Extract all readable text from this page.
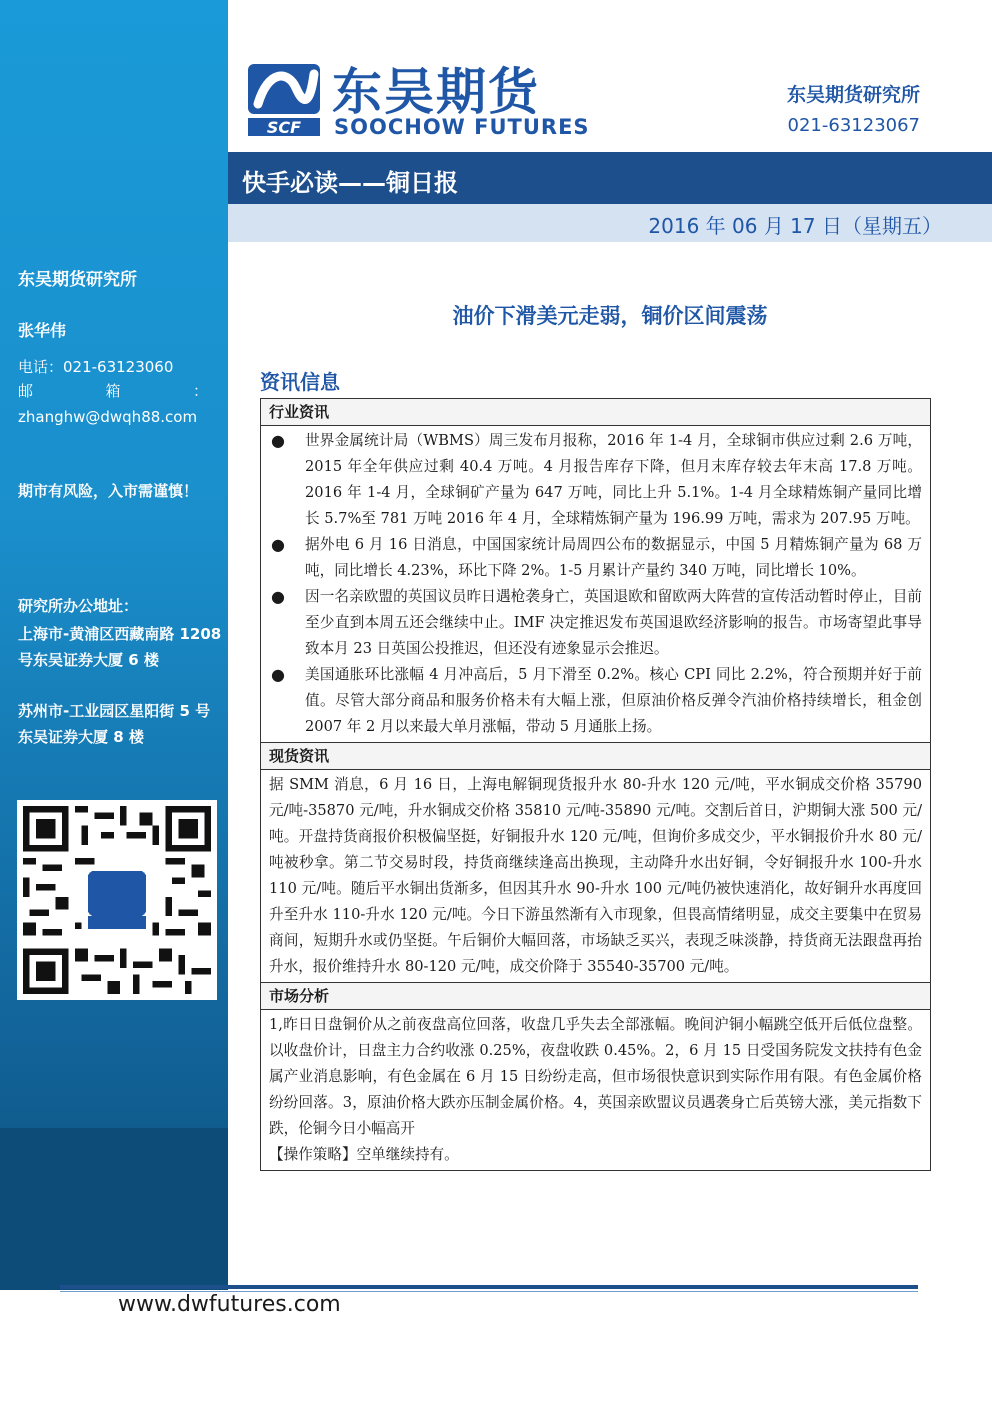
东吴期货研究所
张华伟
电话：021-63123060
邮	箱	：
zhanghw@dwqh88.com
期市有风险，入市需谨慎！
研究所办公地址：
上海市-黄浦区西藏南路 1208 号东吴证券大厦 6 楼
苏州市-工业园区星阳街 5 号东吴证券大厦 8 楼
SCF
东吴期货
SOOCHOW FUTURES
东吴期货研究所
021-63123067
快手必读——铜日报
2016 年 06 月 17 日（星期五）
油价下滑美元走弱，铜价区间震荡
资讯信息
行业资讯
●	世界金属统计局（WBMS）周三发布月报称，2016 年 1-4 月，全球铜市供应过剩 2.6 万吨，2015 年全年供应过剩 40.4 万吨。4 月报告库存下降，但月末库存较去年末高 17.8 万吨。2016 年 1-4 月，全球铜矿产量为 647 万吨，同比上升 5.1%。1-4 月全球精炼铜产量同比增长 5.7%至 781 万吨 2016 年 4 月，全球精炼铜产量为 196.99 万吨，需求为 207.95 万吨。
●	据外电 6 月 16 日消息，中国国家统计局周四公布的数据显示，中国 5 月精炼铜产量为 68 万吨，同比增长 4.23%，环比下降 2%。1-5 月累计产量约 340 万吨，同比增长 10%。
●	因一名亲欧盟的英国议员昨日遇枪袭身亡，英国退欧和留欧两大阵营的宣传活动暂时停止，目前至少直到本周五还会继续中止。IMF 决定推迟发布英国退欧经济影响的报告。市场寄望此事导致本月 23 日英国公投推迟，但还没有迹象显示会推迟。
●	美国通胀环比涨幅 4 月冲高后，5 月下滑至 0.2%。核心 CPI 同比 2.2%，符合预期并好于前值。尽管大部分商品和服务价格未有大幅上涨，但原油价格反弹令汽油价格持续增长，租金创 2007 年 2 月以来最大单月涨幅，带动 5 月通胀上扬。
现货资讯
据 SMM 消息，6 月 16 日，上海电解铜现货报升水 80-升水 120 元/吨，平水铜成交价格 35790 元/吨-35870 元/吨，升水铜成交价格 35810 元/吨-35890 元/吨。交割后首日，沪期铜大涨 500 元/吨。开盘持货商报价积极偏坚挺，好铜报升水 120 元/吨，但询价多成交少，平水铜报价升水 80 元/吨被秒拿。第二节交易时段，持货商继续逢高出换现，主动降升水出好铜，令好铜报升水 100-升水 110 元/吨。随后平水铜出货渐多，但因其升水 90-升水 100 元/吨仍被快速消化，故好铜升水再度回升至升水 110-升水 120 元/吨。今日下游虽然渐有入市现象，但畏高情绪明显，成交主要集中在贸易商间，短期升水或仍坚挺。午后铜价大幅回落，市场缺乏买兴，表现乏味淡静，持货商无法跟盘再抬升水，报价维持升水 80-120 元/吨，成交价降于 35540-35700 元/吨。
市场分析
1,昨日日盘铜价从之前夜盘高位回落，收盘几乎失去全部涨幅。晚间沪铜小幅跳空低开后低位盘整。以收盘价计，日盘主力合约收涨 0.25%，夜盘收跌 0.45%。2，6 月 15 日受国务院发文扶持有色金属产业消息影响，有色金属在 6 月 15 日纷纷走高，但市场很快意识到实际作用有限。有色金属价格纷纷回落。3，原油价格大跌亦压制金属价格。4，英国亲欧盟议员遇袭身亡后英镑大涨，美元指数下跌，伦铜今日小幅高开
【操作策略】空单继续持有。
www.dwfutures.com
